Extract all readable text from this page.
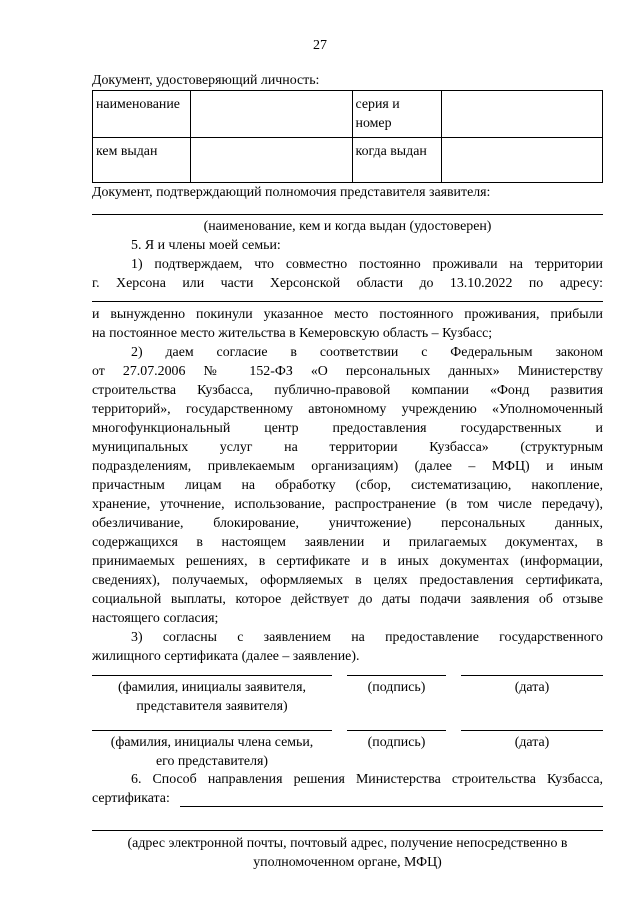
27
Документ, удостоверяющий личность:
наименование		серия и
номер	
кем выдан		когда выдан	
Документ, подтверждающий полномочия представителя заявителя:
(наименование, кем и когда выдан (удостоверен)
5. Я и члены моей семьи:
1) подтверждаем, что совместно постоянно проживали на территории
г. Херсона или части Херсонской области до 13.10.2022 по адресу:
и вынужденно покинули указанное место постоянного проживания, прибыли
на постоянное место жительства в Кемеровскую область – Кузбасс;
2) даем согласие в соответствии с Федеральным законом
от 27.07.2006 № 152-ФЗ «О персональных данных» Министерству
строительства Кузбасса, публично-правовой компании «Фонд развития
территорий», государственному автономному учреждению «Уполномоченный
многофункциональный центр предоставления государственных и
муниципальных услуг на территории Кузбасса» (структурным
подразделениям, привлекаемым организациям) (далее – МФЦ) и иным
причастным лицам на обработку (сбор, систематизацию, накопление,
хранение, уточнение, использование, распространение (в том числе передачу),
обезличивание, блокирование, уничтожение) персональных данных,
содержащихся в настоящем заявлении и прилагаемых документах, в
принимаемых решениях, в сертификате и в иных документах (информации,
сведениях), получаемых, оформляемых в целях предоставления сертификата,
социальной выплаты, которое действует до даты подачи заявления об отзыве
настоящего согласия;
3) согласны с заявлением на предоставление государственного
жилищного сертификата (далее – заявление).
(фамилия, инициалы заявителя,
представителя заявителя)
(подпись)	(дата)
(фамилия, инициалы члена семьи,
его представителя)
(подпись)	(дата)
6. Способ направления решения Министерства строительства Кузбасса,
сертификата:
(адрес электронной почты, почтовый адрес, получение непосредственно в
уполномоченном органе, МФЦ)
